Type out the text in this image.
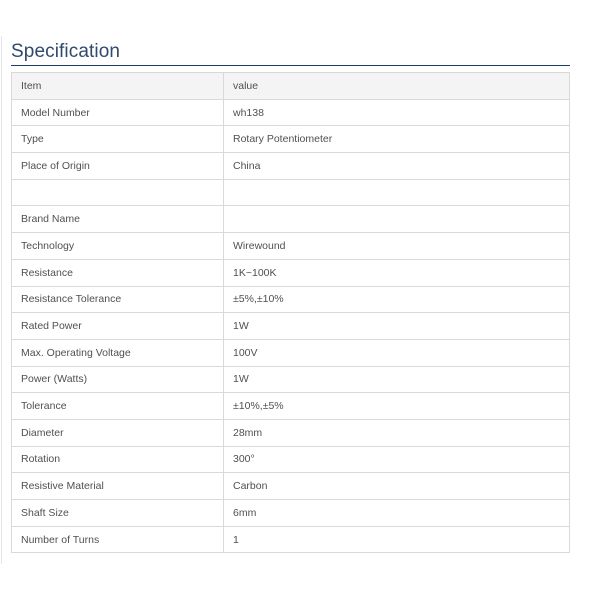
Specification
Item	value
Model Number	wh138
Type	Rotary Potentiometer
Place of Origin	China

Brand Name	
Technology	Wirewound
Resistance	1K~100K
Resistance Tolerance	±5%,±10%
Rated Power	1W
Max. Operating Voltage	100V
Power (Watts)	1W
Tolerance	±10%,±5%
Diameter	28mm
Rotation	300°
Resistive Material	Carbon
Shaft Size	6mm
Number of Turns	1
